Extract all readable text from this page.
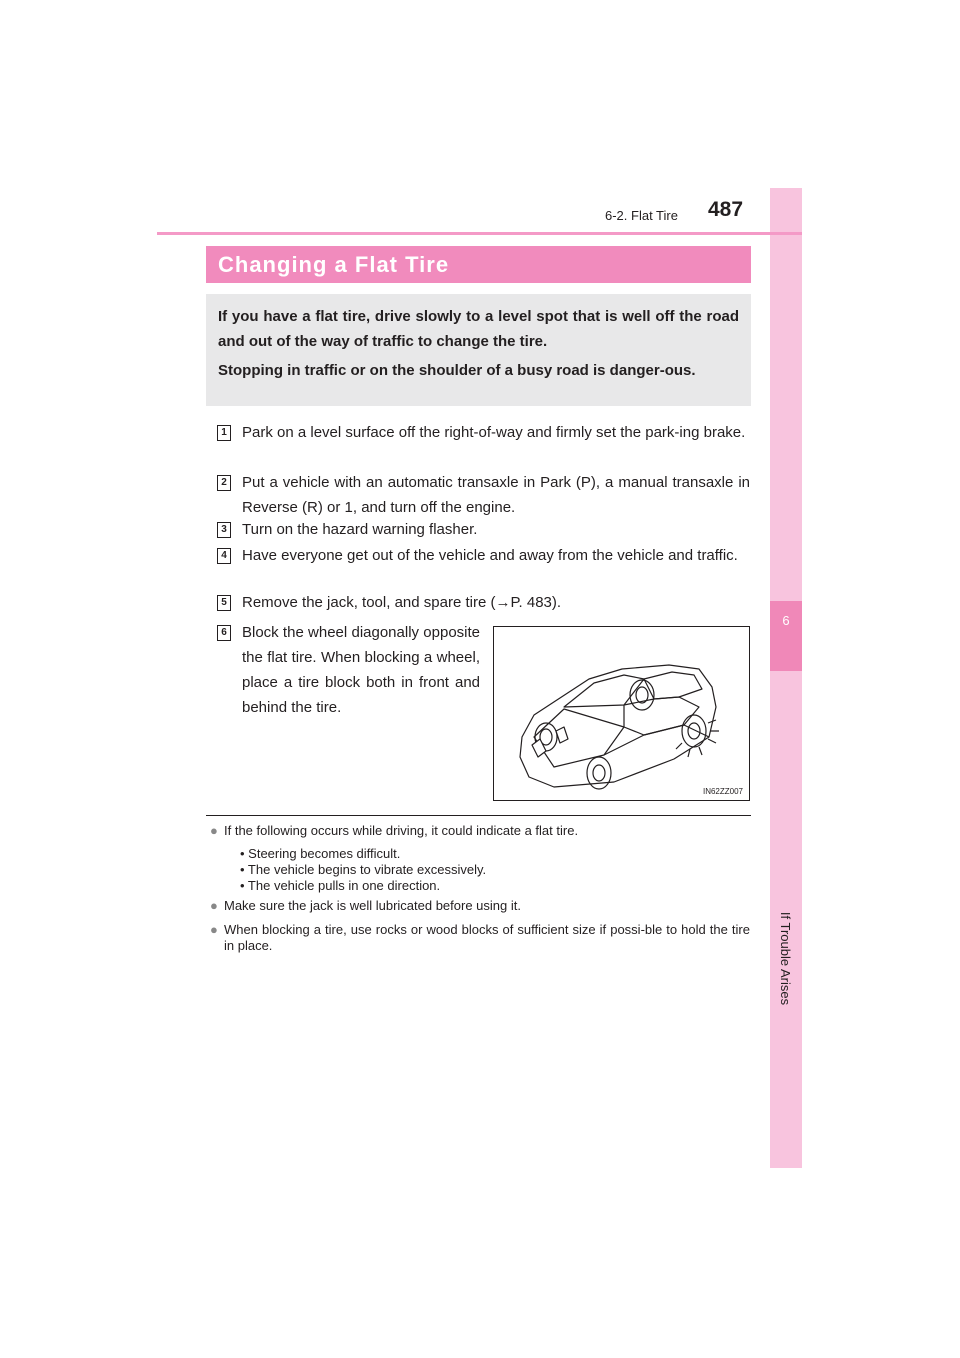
6
If Trouble Arises
6-2. Flat Tire 487
Changing a Flat Tire

If you have a flat tire, drive slowly to a level spot that is well off the road and out of the way of traffic to change the tire.

Stopping in traffic or on the shoulder of a busy road is danger-ous.

1 Park on a level surface off the right-of-way and firmly set the park-ing brake.
2 Put a vehicle with an automatic transaxle in Park (P), a manual transaxle in Reverse (R) or 1, and turn off the engine.
3 Turn on the hazard warning flasher.
4 Have everyone get out of the vehicle and away from the vehicle and traffic.
5 Remove the jack, tool, and spare tire (→P. 483).
6 Block the wheel diagonally opposite the flat tire. When blocking a wheel, place a tire block both in front and behind the tire.
IN62ZZ007
● If the following occurs while driving, it could indicate a flat tire.
• Steering becomes difficult.
• The vehicle begins to vibrate excessively.
• The vehicle pulls in one direction.
● Make sure the jack is well lubricated before using it.
● When blocking a tire, use rocks or wood blocks of sufficient size if possi-ble to hold the tire in place.
